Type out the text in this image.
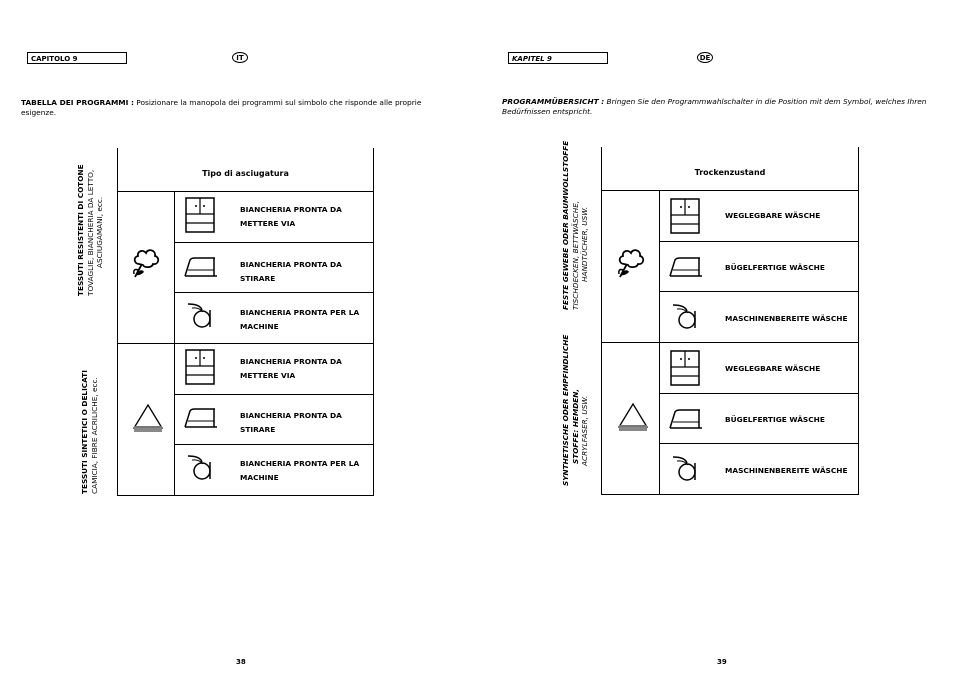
CAPITOLO 9	IT
TABELLA DEI PROGRAMMI : Posizionare la manopola dei programmi sul simbolo che risponde alle proprie esigenze.
Tipo di asciugatura
TESSUTI RESISTENTI DI COTONE TOVAGLIE, BIANCHERIA DA LETTO, ASCIUGAMANI, ecc.
TESSUTI SINTETICI O DELICATI CAMICIA, FIBRE ACRILICHE, ecc.
BIANCHERIA PRONTA DA
METTERE VIA
BIANCHERIA PRONTA DA
STIRARE
BIANCHERIA PRONTA PER LA
MACHINE
BIANCHERIA PRONTA DA
METTERE VIA
BIANCHERIA PRONTA DA
STIRARE
BIANCHERIA PRONTA PER LA
MACHINE
38
KAPITEL 9	DE
PROGRAMMÜBERSICHT : Bringen Sie den Programmwahlschalter in die Position mit dem Symbol, welches Ihren
Bedürfnissen entspricht.
Trockenzustand
FESTE GEWEBE ODER BAUMWOLLSTOFFE TISCHDECKEN, BETTWÄSCHE, HANDTÜCHER, USW.
SYNTHETISCHE ODER EMPFINDLICHE STOFFE: HEMDEN, ACRYLFASER, USW.
WEGLEGBARE WÄSCHE
BÜGELFERTIGE WÄSCHE
MASCHINENBEREITE WÄSCHE
WEGLEGBARE WÄSCHE
BÜGELFERTIGE WÄSCHE
MASCHINENBEREITE WÄSCHE
39
